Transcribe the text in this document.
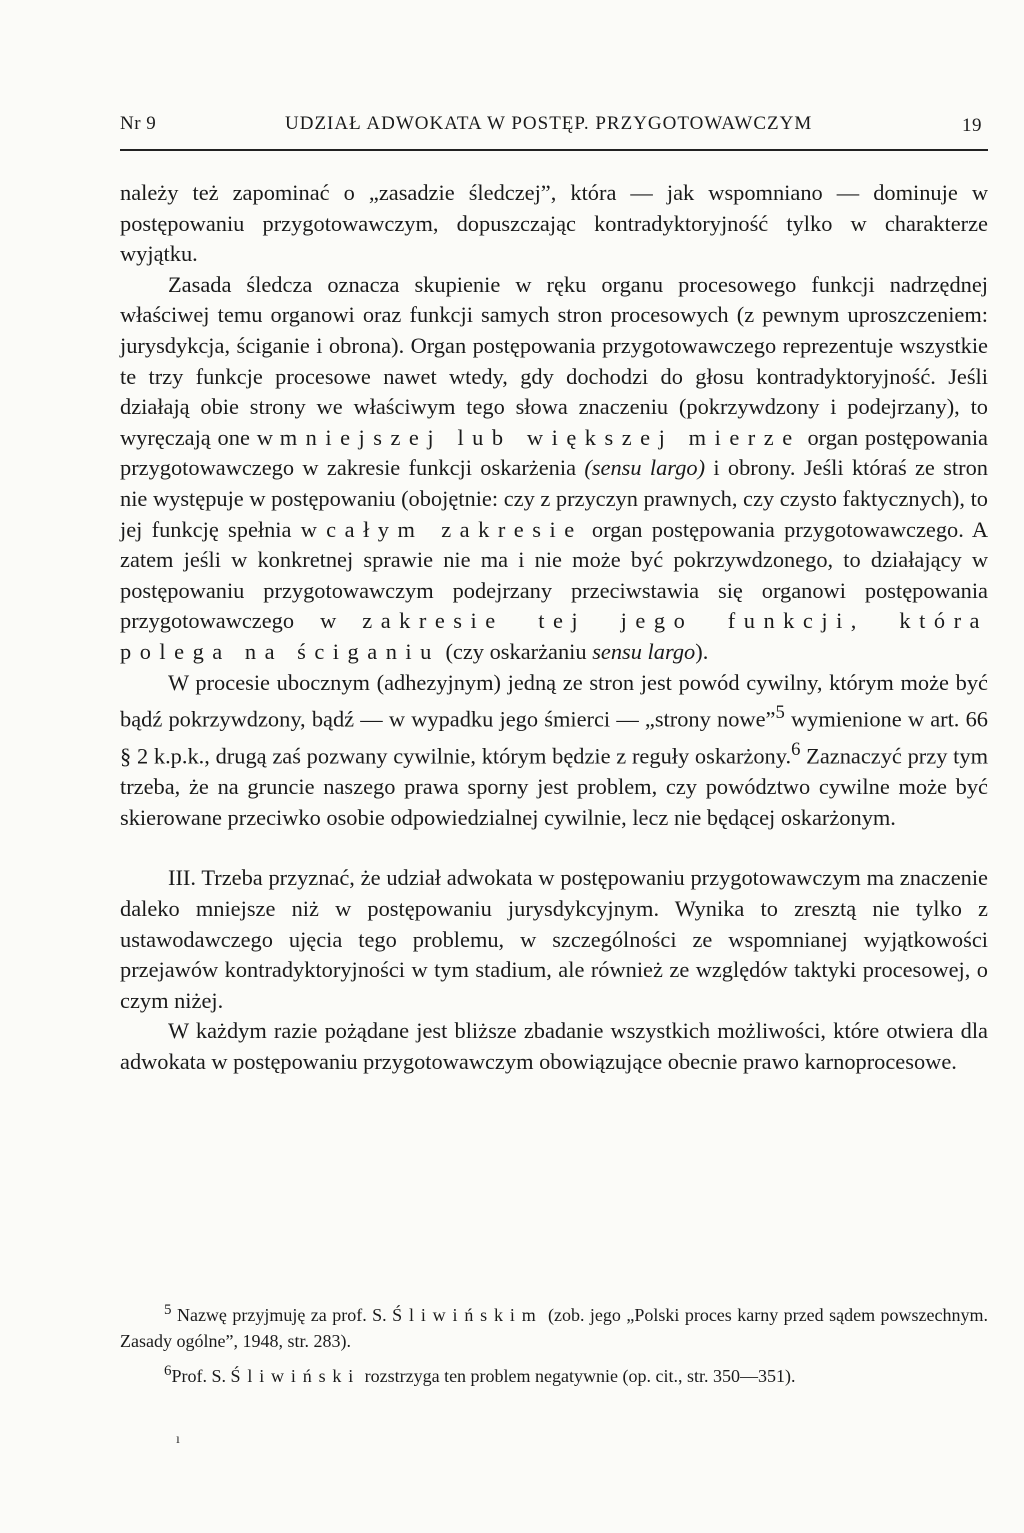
Nr 9	UDZIAŁ ADWOKATA W POSTĘP. PRZYGOTOWAWCZYM	19

należy też zapominać o „zasadzie śledczej”, która — jak wspomniano — dominuje w postępowaniu przygotowawczym, dopuszczając kontradyktoryjność tylko w charakterze wyjątku.

Zasada śledcza oznacza skupienie w ręku organu procesowego funkcji nadrzędnej właściwej temu organowi oraz funkcji samych stron procesowych (z pewnym uproszczeniem: jurysdykcja, ściganie i obrona). Organ postępowania przygotowawczego reprezentuje wszystkie te trzy funkcje procesowe nawet wtedy, gdy dochodzi do głosu kontradyktoryjność. Jeśli działają obie strony we właściwym tego słowa znaczeniu (pokrzywdzony i podejrzany), to wyręczają one w mniejszej lub większej mierze organ postępowania przygotowawczego w zakresie funkcji oskarżenia (sensu largo) i obrony. Jeśli któraś ze stron nie występuje w postępowaniu (obojętnie: czy z przyczyn prawnych, czy czysto faktycznych), to jej funkcję spełnia w całym zakresie organ postępowania przygotowawczego. A zatem jeśli w konkretnej sprawie nie ma i nie może być pokrzywdzonego, to działający w postępowaniu przygotowawczym podejrzany przeciwstawia się organowi postępowania przygotowawczego w zakresie tej jego funkcji, która polega na ściganiu (czy oskarżaniu sensu largo).

W procesie ubocznym (adhezyjnym) jedną ze stron jest powód cywilny, którym może być bądź pokrzywdzony, bądź — w wypadku jego śmierci — „strony nowe”$^5$ wymienione w art. 66 § 2 k.p.k., drugą zaś pozwany cywilnie, którym będzie z reguły oskarżony.$^6$ Zaznaczyć przy tym trzeba, że na gruncie naszego prawa sporny jest problem, czy powództwo cywilne może być skierowane przeciwko osobie odpowiedzialnej cywilnie, lecz nie będącej oskarżonym.

III. Trzeba przyznać, że udział adwokata w postępowaniu przygotowawczym ma znaczenie daleko mniejsze niż w postępowaniu jurysdykcyjnym. Wynika to zresztą nie tylko z ustawodawczego ujęcia tego problemu, w szczególności ze wspomnianej wyjątkowości przejawów kontradyktoryjności w tym stadium, ale również ze względów taktyki procesowej, o czym niżej.

W każdym razie pożądane jest bliższe zbadanie wszystkich możliwości, które otwiera dla adwokata w postępowaniu przygotowawczym obowiązujące obecnie prawo karnoprocesowe.

$^5$ Nazwę przyjmuję za prof. S. Śliwińskim (zob. jego „Polski proces karny przed sądem powszechnym. Zasady ogólne”, 1948, str. 283).

$^6$Prof. S. Śliwiński rozstrzyga ten problem negatywnie (op. cit., str. 350—351).

ı
